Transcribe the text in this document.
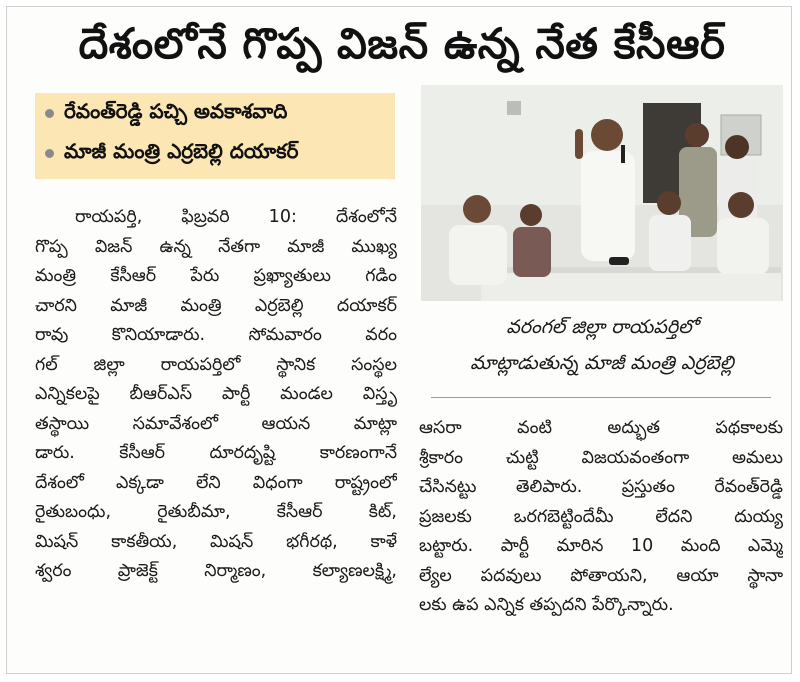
దేశంలోనే గొప్ప విజన్‌ ఉన్న నేత కేసీఆర్‌
రేవంత్‌రెడ్డి పచ్చి అవకాశవాది
మాజీ మంత్రి ఎర్రబెల్లి దయాకర్‌
రాయపర్తి, ఫిబ్రవరి 10: దేశంలోనే
గొప్ప విజన్‌ ఉన్న నేతగా మాజీ ముఖ్య
మంత్రి కేసీఆర్‌ పేరు ప్రఖ్యాతులు గడిం
చారని మాజీ మంత్రి ఎర్రబెల్లి దయాకర్‌
రావు కొనియాడారు. సోమవారం వరం
గల్‌ జిల్లా రాయపర్తిలో స్థానిక సంస్థల
ఎన్నికలపై బీఆర్‌ఎస్‌ పార్టీ మండల విస్తృ
తస్థాయి సమావేశంలో ఆయన మాట్లా
డారు. కేసీఆర్‌ దూరదృష్టి కారణంగానే
దేశంలో ఎక్కడా లేని విధంగా రాష్ట్రంలో
రైతుబంధు, రైతుబీమా, కేసీఆర్‌ కిట్‌,
మిషన్‌ కాకతీయ, మిషన్‌ భగీరథ, కాళే
శ్వరం ప్రాజెక్ట్‌ నిర్మాణం, కల్యాణలక్ష్మి,
వరంగల్‌ జిల్లా రాయపర్తిలో
మాట్లాడుతున్న మాజీ మంత్రి ఎర్రబెల్లి
ఆసరా వంటి అద్భుత పథకాలకు
శ్రీకారం చుట్టి విజయవంతంగా అమలు
చేసినట్టు తెలిపారు. ప్రస్తుతం రేవంత్‌రెడ్డి
ప్రజలకు ఒరగబెట్టిందేమీ లేదని దుయ్య
బట్టారు. పార్టీ మారిన 10 మంది ఎమ్మె
ల్యేల పదవులు పోతాయని, ఆయా స్థానా
లకు ఉప ఎన్నిక తప్పదని పేర్కొన్నారు.
